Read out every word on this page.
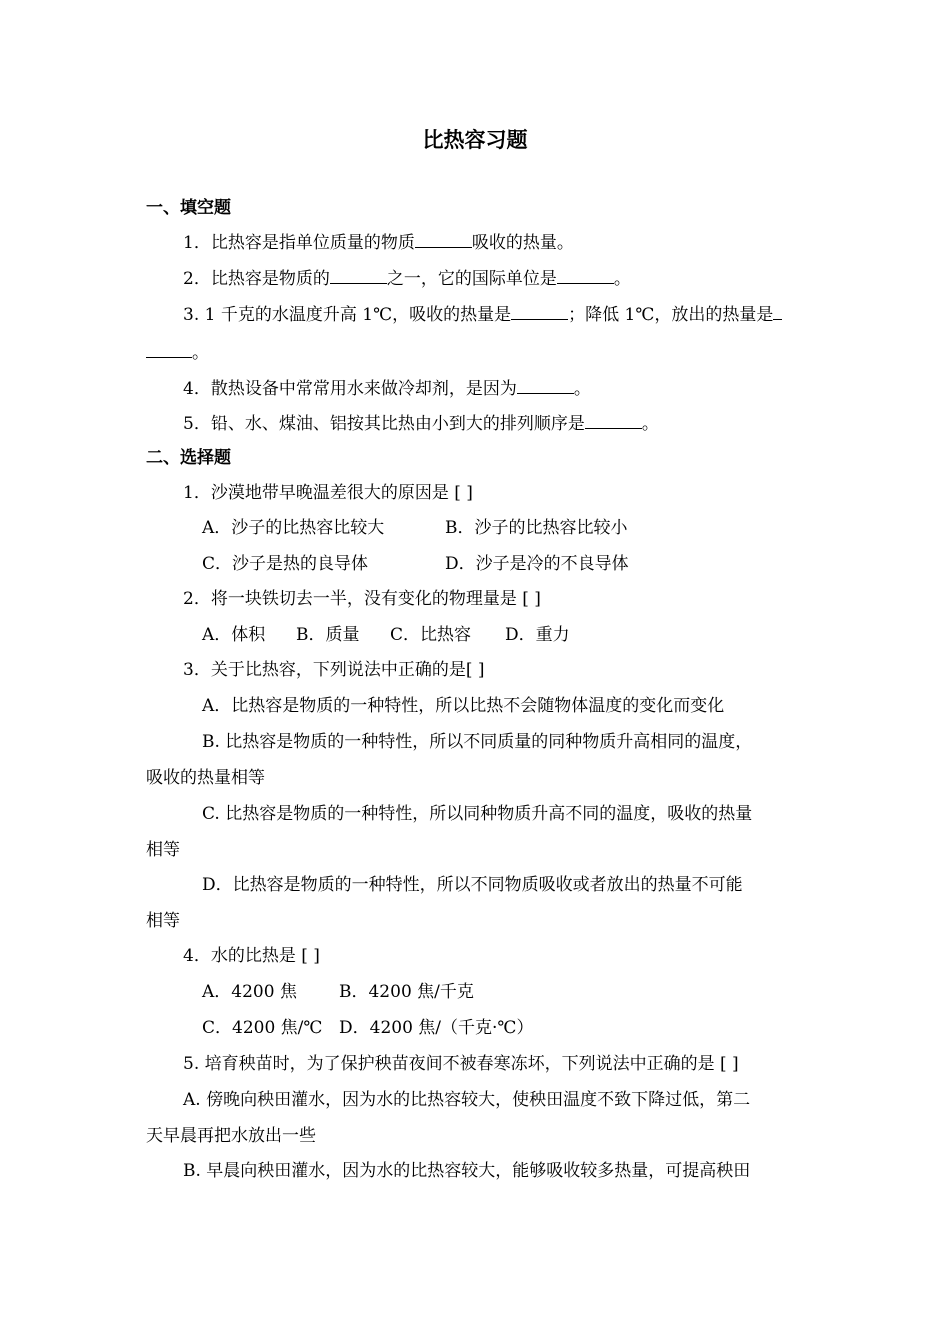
比热容习题
一、填空题
1．比热容是指单位质量的物质	吸收的热量。
2．比热容是物质的	之一，它的国际单位是	。
3. 1 千克的水温度升高 1℃，吸收的热量是	；降低 1℃，放出的热量是
。
4．散热设备中常常用水来做冷却剂，是因为	。
5．铅、水、煤油、铝按其比热由小到大的排列顺序是	。
二、选择题
1．沙漠地带早晚温差很大的原因是 [ ]
A．沙子的比热容比较大	B．沙子的比热容比较小
C．沙子是热的良导体	D．沙子是冷的不良导体
2．将一块铁切去一半，没有变化的物理量是 [ ]
A．体积 B．质量 C．比热容 D．重力
3．关于比热容，下列说法中正确的是[ ]
A．比热容是物质的一种特性，所以比热不会随物体温度的变化而变化
B. 比热容是物质的一种特性，所以不同质量的同种物质升高相同的温度，
吸收的热量相等
C. 比热容是物质的一种特性，所以同种物质升高不同的温度，吸收的热量
相等
D．比热容是物质的一种特性，所以不同物质吸收或者放出的热量不可能
相等
4．水的比热是 [ ]
A．4200 焦 B．4200 焦/千克
C．4200 焦/℃ D．4200 焦/（千克·℃）
5. 培育秧苗时，为了保护秧苗夜间不被春寒冻坏，下列说法中正确的是 [ ]
A. 傍晚向秧田灌水，因为水的比热容较大，使秧田温度不致下降过低，第二
天早晨再把水放出一些
B. 早晨向秧田灌水，因为水的比热容较大，能够吸收较多热量，可提高秧田
